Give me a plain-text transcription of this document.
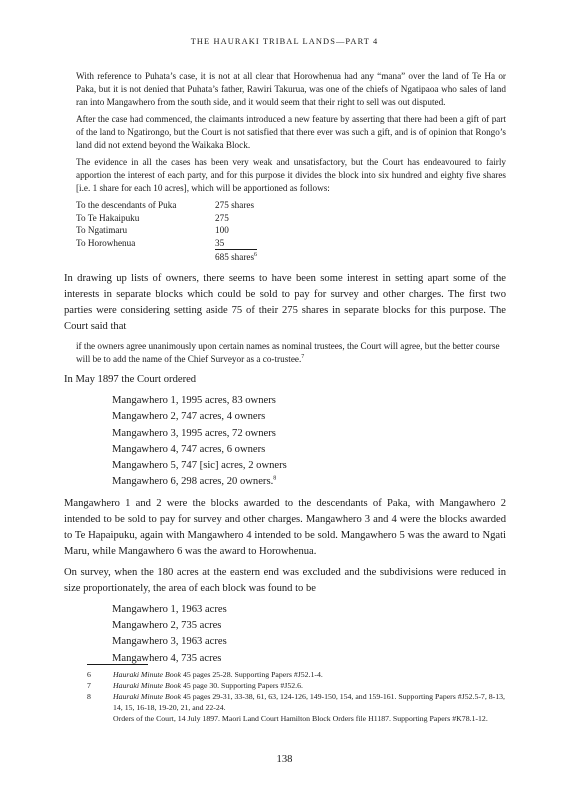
THE HAURAKI TRIBAL LANDS—PART 4

With reference to Puhata’s case, it is not at all clear that Horowhenua had any “mana” over the land of Te Ha or Paka, but it is not denied that Puhata’s father, Rawiri Takurua, was one of the chiefs of Ngatipaoa who sales of land ran into Mangawhero from the south side, and it would seem that their right to sell was out disputed.

After the case had commenced, the claimants introduced a new feature by asserting that there had been a gift of part of the land to Ngatirongo, but the Court is not satisfied that there ever was such a gift, and is of opinion that Rongo’s land did not extend beyond the Waikaka Block.

The evidence in all the cases has been very weak and unsatisfactory, but the Court has endeavoured to fairly apportion the interest of each party, and for this purpose it divides the block into six hundred and eighty five shares [i.e. 1 share for each 10 acres], which will be apportioned as follows:

To the descendants of Puka	275 shares
To Te Hakaipuku	275
To Ngatimaru	100
To Horowhenua	35
	685 shares$^6$

In drawing up lists of owners, there seems to have been some interest in setting apart some of the interests in separate blocks which could be sold to pay for survey and other charges. The first two parties were considering setting aside 75 of their 275 shares in separate blocks for this purpose. The Court said that

if the owners agree unanimously upon certain names as nominal trustees, the Court will agree, but the better course will be to add the name of the Chief Surveyor as a co-trustee.$^7$

In May 1897 the Court ordered

Mangawhero 1, 1995 acres, 83 owners
Mangawhero 2, 747 acres, 4 owners
Mangawhero 3, 1995 acres, 72 owners
Mangawhero 4, 747 acres, 6 owners
Mangawhero 5, 747 [sic] acres, 2 owners
Mangawhero 6, 298 acres, 20 owners.$^8$

Mangawhero 1 and 2 were the blocks awarded to the descendants of Paka, with Mangawhero 2 intended to be sold to pay for survey and other charges. Mangawhero 3 and 4 were the blocks awarded to Te Hapaipuku, again with Mangawhero 4 intended to be sold. Mangawhero 5 was the award to Ngati Maru, while Mangawhero 6 was the award to Horowhenua.

On survey, when the 180 acres at the eastern end was excluded and the subdivisions were reduced in size proportionately, the area of each block was found to be

Mangawhero 1, 1963 acres
Mangawhero 2, 735 acres
Mangawhero 3, 1963 acres
Mangawhero 4, 735 acres
6	Hauraki Minute Book 45 pages 25-28. Supporting Papers #J52.1-4.
7	Hauraki Minute Book 45 page 30. Supporting Papers #J52.6.
8	Hauraki Minute Book 45 pages 29-31, 33-38, 61, 63, 124-126, 149-150, 154, and 159-161. Supporting Papers #J52.5-7, 8-13, 14, 15, 16-18, 19-20, 21, and 22-24.
Orders of the Court, 14 July 1897. Maori Land Court Hamilton Block Orders file H1187. Supporting Papers #K78.1-12.
138
